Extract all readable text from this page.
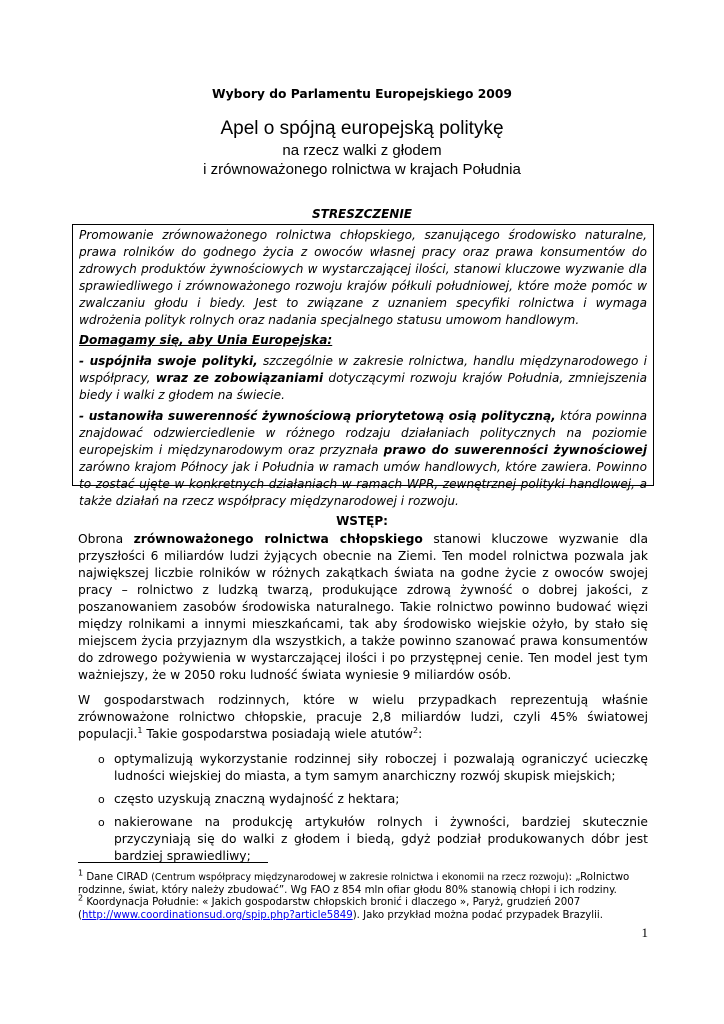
Wybory do Parlamentu Europejskiego 2009
Apel o spójną europejską politykę
na rzecz walki z głodem
i zrównoważonego rolnictwa w krajach Południa
STRESZCZENIE

Promowanie zrównoważonego rolnictwa chłopskiego, szanującego środowisko naturalne, prawa rolników do godnego życia z owoców własnej pracy oraz prawa konsumentów do zdrowych produktów żywnościowych w wystarczającej ilości, stanowi kluczowe wyzwanie dla sprawiedliwego i zrównoważonego rozwoju krajów półkuli południowej, które może pomóc w zwalczaniu głodu i biedy. Jest to związane z uznaniem specyfiki rolnictwa i wymaga wdrożenia polityk rolnych oraz nadania specjalnego statusu umowom handlowym.

Domagamy się, aby Unia Europejska:

- uspójniła swoje polityki, szczególnie w zakresie rolnictwa, handlu międzynarodowego i współpracy, wraz ze zobowiązaniami dotyczącymi rozwoju krajów Południa, zmniejszenia biedy i walki z głodem na świecie.

- ustanowiła suwerenność żywnościową priorytetową osią polityczną, która powinna znajdować odzwierciedlenie w różnego rodzaju działaniach politycznych na poziomie europejskim i międzynarodowym oraz przyznała prawo do suwerenności żywnościowej zarówno krajom Północy jak i Południa w ramach umów handlowych, które zawiera. Powinno to zostać ujęte w konkretnych działaniach w ramach WPR, zewnętrznej polityki handlowej, a także działań na rzecz współpracy międzynarodowej i rozwoju.

WSTĘP:

Obrona zrównoważonego rolnictwa chłopskiego stanowi kluczowe wyzwanie dla przyszłości 6 miliardów ludzi żyjących obecnie na Ziemi. Ten model rolnictwa pozwala jak największej liczbie rolników w różnych zakątkach świata na godne życie z owoców swojej pracy – rolnictwo z ludzką twarzą, produkujące zdrową żywność o dobrej jakości, z poszanowaniem zasobów środowiska naturalnego. Takie rolnictwo powinno budować więzi między rolnikami a innymi mieszkańcami, tak aby środowisko wiejskie ożyło, by stało się miejscem życia przyjaznym dla wszystkich, a także powinno szanować prawa konsumentów do zdrowego pożywienia w wystarczającej ilości i po przystępnej cenie. Ten model jest tym ważniejszy, że w 2050 roku ludność świata wyniesie 9 miliardów osób.

W gospodarstwach rodzinnych, które w wielu przypadkach reprezentują właśnie zrównoważone rolnictwo chłopskie, pracuje 2,8 miliardów ludzi, czyli 45% światowej populacji.$^1$ Takie gospodarstwa posiadają wiele atutów$^2$:

o optymalizują wykorzystanie rodzinnej siły roboczej i pozwalają ograniczyć ucieczkę ludności wiejskiej do miasta, a tym samym anarchiczny rozwój skupisk miejskich;
o często uzyskują znaczną wydajność z hektara;
o nakierowane na produkcję artykułów rolnych i żywności, bardziej skutecznie przyczyniają się do walki z głodem i biedą, gdyż podział produkowanych dóbr jest bardziej sprawiedliwy;
$^1$ Dane CIRAD (Centrum współpracy międzynarodowej w zakresie rolnictwa i ekonomii na rzecz rozwoju): „Rolnictwo rodzinne, świat, który należy zbudować”. Wg FAO z 854 mln ofiar głodu 80% stanowią chłopi i ich rodziny.
$^2$ Koordynacja Południe: « Jakich gospodarstw chłopskich bronić i dlaczego », Paryż, grudzień 2007 (http://www.coordinationsud.org/spip.php?article5849). Jako przykład można podać przypadek Brazylii.
1
